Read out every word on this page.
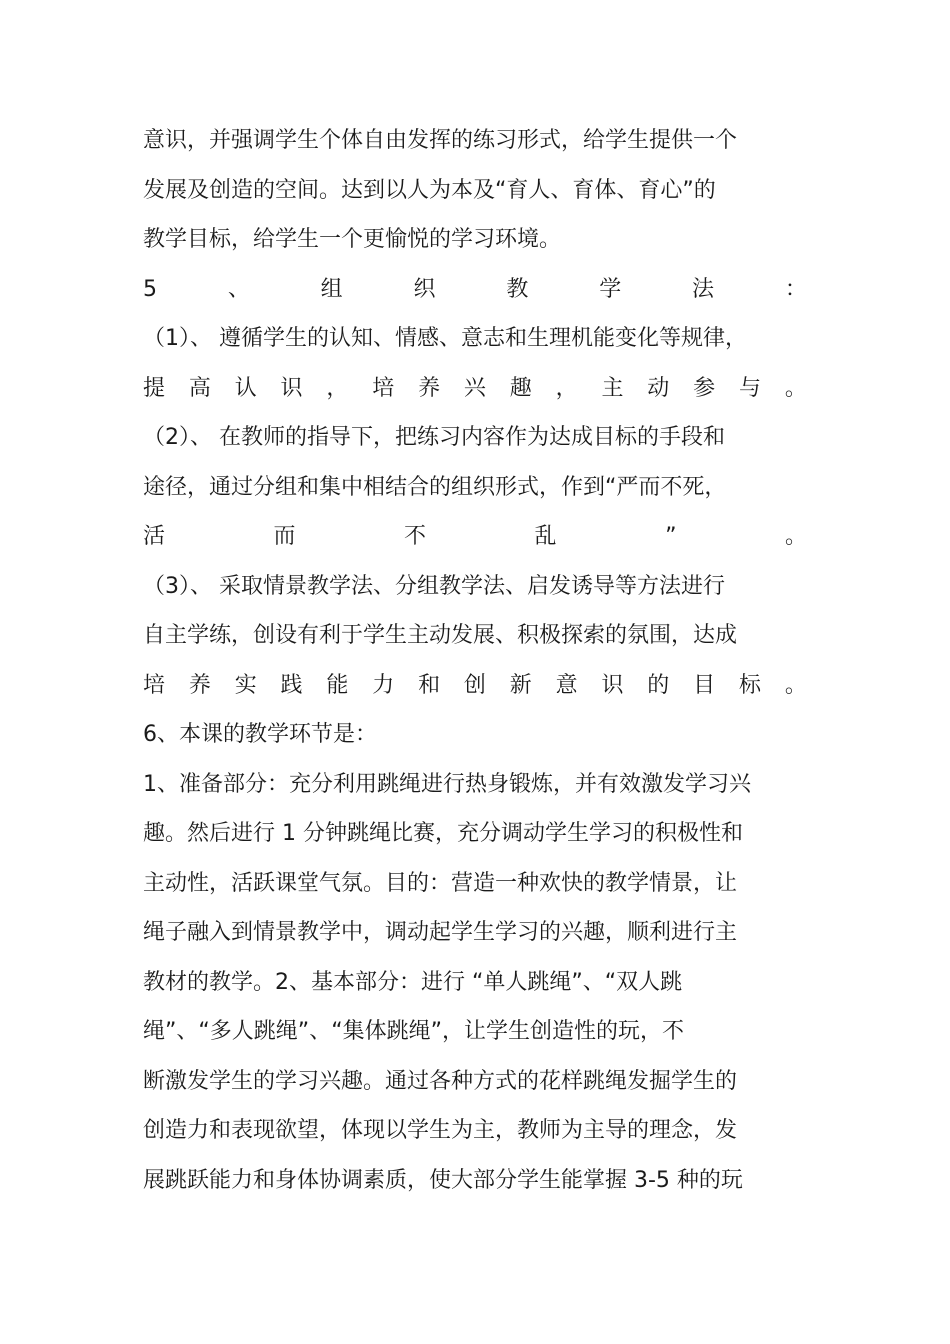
意识，并强调学生个体自由发挥的练习形式，给学生提供一个
发展及创造的空间。达到以人为本及“育人、育体、育心”的
教学目标，给学生一个更愉悦的学习环境。
5	、	组	织	教	学	法	：
（1）、 遵循学生的认知、情感、意志和生理机能变化等规律，
提 高 认 识 ， 培 养 兴 趣 ， 主 动 参 与 。
（2）、 在教师的指导下，把练习内容作为达成目标的手段和
途径，通过分组和集中相结合的组织形式，作到“严而不死，
活	而	不	乱	”	。
（3）、 采取情景教学法、分组教学法、启发诱导等方法进行
自主学练，创设有利于学生主动发展、积极探索的氛围，达成
培 养 实 践 能 力 和 创 新 意 识 的 目 标 。
6、本课的教学环节是：
1、准备部分：充分利用跳绳进行热身锻炼，并有效激发学习兴
趣。然后进行 1 分钟跳绳比赛，充分调动学生学习的积极性和
主动性，活跃课堂气氛。目的：营造一种欢快的教学情景，让
绳子融入到情景教学中，调动起学生学习的兴趣，顺利进行主
教材的教学。2、基本部分：进行 “单人跳绳”、“双人跳
绳”、“多人跳绳”、“集体跳绳”，让学生创造性的玩，不
断激发学生的学习兴趣。通过各种方式的花样跳绳发掘学生的
创造力和表现欲望，体现以学生为主，教师为主导的理念，发
展跳跃能力和身体协调素质，使大部分学生能掌握 3-5 种的玩
